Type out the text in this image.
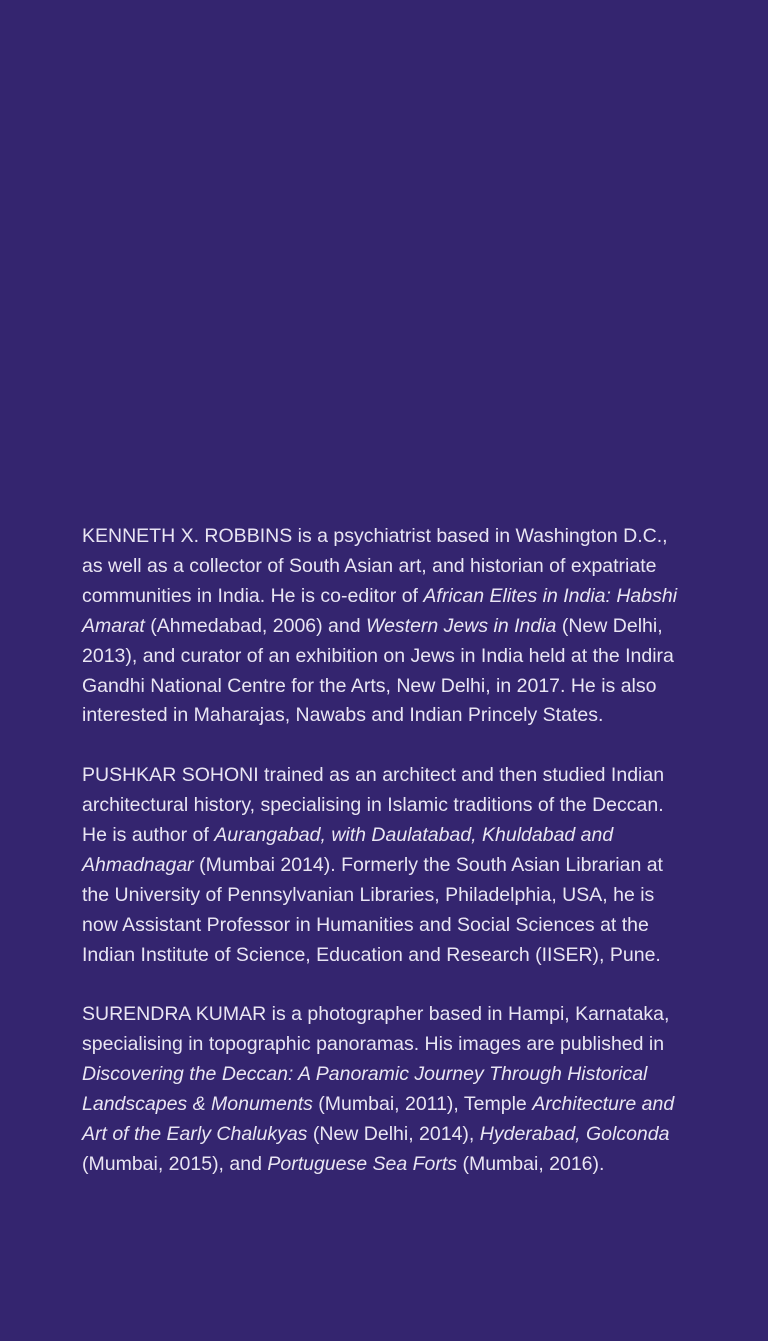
KENNETH X. ROBBINS is a psychiatrist based in Washington D.C., as well as a collector of South Asian art, and historian of expatriate communities in India. He is co-editor of African Elites in India: Habshi Amarat (Ahmedabad, 2006) and Western Jews in India (New Delhi, 2013), and curator of an exhibition on Jews in India held at the Indira Gandhi National Centre for the Arts, New Delhi, in 2017. He is also interested in Maharajas, Nawabs and Indian Princely States.

PUSHKAR SOHONI trained as an architect and then studied Indian architectural history, specialising in Islamic traditions of the Deccan. He is author of Aurangabad, with Daulatabad, Khuldabad and Ahmadnagar (Mumbai 2014). Formerly the South Asian Librarian at the University of Pennsylvanian Libraries, Philadelphia, USA, he is now Assistant Professor in Humanities and Social Sciences at the Indian Institute of Science, Education and Research (IISER), Pune.

SURENDRA KUMAR is a photographer based in Hampi, Karnataka, specialising in topographic panoramas. His images are published in Discovering the Deccan: A Panoramic Journey Through Historical Landscapes & Monuments (Mumbai, 2011), Temple Architecture and Art of the Early Chalukyas (New Delhi, 2014), Hyderabad, Golconda (Mumbai, 2015), and Portuguese Sea Forts (Mumbai, 2016).
